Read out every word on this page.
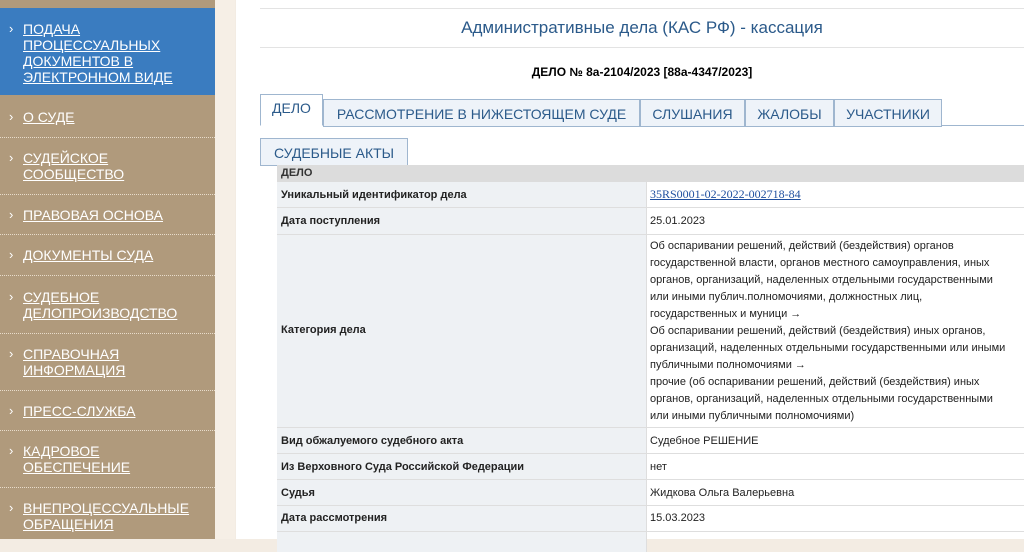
› ПОДАЧА ПРОЦЕССУАЛЬНЫХ ДОКУМЕНТОВ В ЭЛЕКТРОННОМ ВИДЕ
› О СУДЕ
› СУДЕЙСКОЕ СООБЩЕСТВО
› ПРАВОВАЯ ОСНОВА
› ДОКУМЕНТЫ СУДА
› СУДЕБНОЕ ДЕЛОПРОИЗВОДСТВО
› СПРАВОЧНАЯ ИНФОРМАЦИЯ
› ПРЕСС-СЛУЖБА
› КАДРОВОЕ ОБЕСПЕЧЕНИЕ
› ВНЕПРОЦЕССУАЛЬНЫЕ ОБРАЩЕНИЯ
Административные дела (КАС РФ) - кассация
ДЕЛО № 8а-2104/2023 [88а-4347/2023]
ДЕЛО	РАССМОТРЕНИЕ В НИЖЕСТОЯЩЕМ СУДЕ	СЛУШАНИЯ	ЖАЛОБЫ	УЧАСТНИКИ
СУДЕБНЫЕ АКТЫ
ДЕЛО
Уникальный идентификатор дела	35RS0001-02-2022-002718-84
Дата поступления	25.01.2023
Категория дела
Об оспаривании решений, действий (бездействия) органов
государственной власти, органов местного самоуправления, иных
органов, организаций, наделенных отдельными государственными
или иными публич.полномочиями, должностных лиц,
государственных и муници →
Об оспаривании решений, действий (бездействия) иных органов,
организаций, наделенных отдельными государственными или иными
публичными полномочиями →
прочие (об оспаривании решений, действий (бездействия) иных
органов, организаций, наделенных отдельными государственными
или иными публичными полномочиями)
Вид обжалуемого судебного акта	Судебное РЕШЕНИЕ
Из Верховного Суда Российской Федерации	нет
Судья	Жидкова Ольга Валерьевна
Дата рассмотрения	15.03.2023
